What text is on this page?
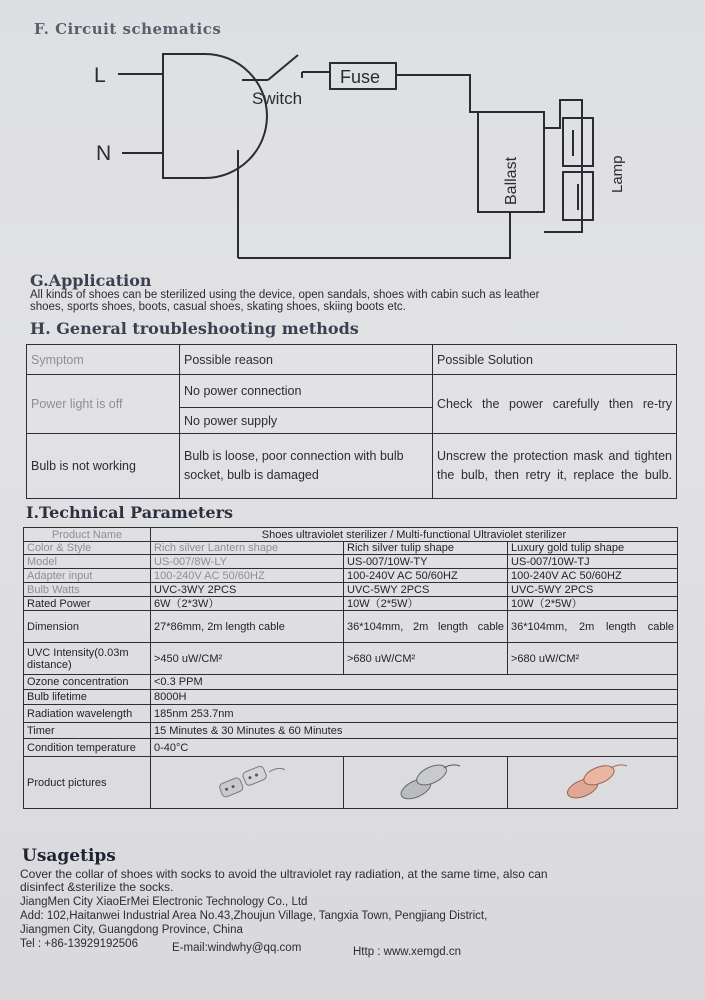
F. Circuit schematics
L
N
Switch
Fuse
Ballast	Lamp
G.Application
All kinds of shoes can be sterilized using the device, open sandals, shoes with cabin such as leather
shoes, sports shoes, boots, casual shoes, skating shoes, skiing boots etc.
H. General troubleshooting methods
Symptom	Possible reason	Possible Solution
Power light is off	No power connection	Check the power carefully then re-try
	No power supply	
Bulb is not working	Bulb is loose, poor connection with bulb socket, bulb is damaged	Unscrew the protection mask and tighten the bulb, then retry it, replace the bulb.
I.Technical Parameters
Product Name	Shoes ultraviolet sterilizer / Multi-functional Ultraviolet sterilizer		
Color & Style	Rich silver Lantern shape	Rich silver tulip shape	Luxury gold tulip shape
Model	US-007/8W-LY	US-007/10W-TY	US-007/10W-TJ
Adapter input	100-240V AC 50/60HZ	100-240V AC 50/60HZ	100-240V AC 50/60HZ
Bulb Watts	UVC-3WY 2PCS	UVC-5WY 2PCS	UVC-5WY 2PCS
Rated Power	6W（2*3W）	10W（2*5W）	10W（2*5W）
Dimension	27*86mm, 2m length cable	36*104mm, 2m length cable	36*104mm, 2m length cable
UVC Intensity(0.03m distance)	>450 uW/CM²	>680 uW/CM²	>680 uW/CM²
Ozone concentration	<0.3 PPM		
Bulb lifetime	8000H		
Radiation wavelength	185nm 253.7nm		
Timer	15 Minutes & 30 Minutes & 60 Minutes		
Condition temperature	0-40°C		
Product pictures			
Usagetips
Cover the collar of shoes with socks to avoid the ultraviolet ray radiation, at the same time, also can
disinfect &sterilize the socks.
JiangMen City XiaoErMei Electronic Technology Co., Ltd
Add: 102,Haitanwei Industrial Area No.43,Zhoujun Village, Tangxia Town, Pengjiang District,
Jiangmen City, Guangdong Province, China
Tel : +86-13929192506	E-mail:windwhy@qq.com	Http : www.xemgd.cn
